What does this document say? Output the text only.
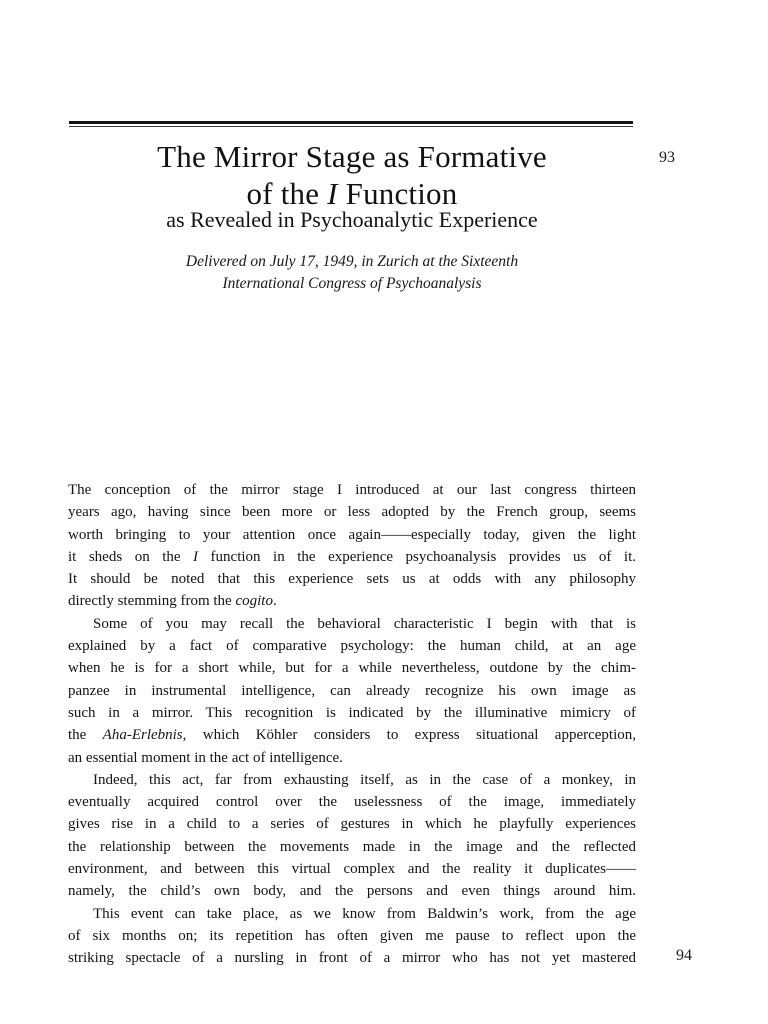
The Mirror Stage as Formative
of the I Function
93
as Revealed in Psychoanalytic Experience
Delivered on July 17, 1949, in Zurich at the Sixteenth
International Congress of Psychoanalysis
The conception of the mirror stage I introduced at our last congress thirteen
years ago, having since been more or less adopted by the French group, seems
worth bringing to your attention once again——especially today, given the light
it sheds on the I function in the experience psychoanalysis provides us of it.
It should be noted that this experience sets us at odds with any philosophy
directly stemming from the cogito.
Some of you may recall the behavioral characteristic I begin with that is
explained by a fact of comparative psychology: the human child, at an age
when he is for a short while, but for a while nevertheless, outdone by the chim-
panzee in instrumental intelligence, can already recognize his own image as
such in a mirror. This recognition is indicated by the illuminative mimicry of
the Aha-Erlebnis, which Köhler considers to express situational apperception,
an essential moment in the act of intelligence.
Indeed, this act, far from exhausting itself, as in the case of a monkey, in
eventually acquired control over the uselessness of the image, immediately
gives rise in a child to a series of gestures in which he playfully experiences
the relationship between the movements made in the image and the reflected
environment, and between this virtual complex and the reality it duplicates——
namely, the child’s own body, and the persons and even things around him.
This event can take place, as we know from Baldwin’s work, from the age
of six months on; its repetition has often given me pause to reflect upon the
striking spectacle of a nursling in front of a mirror who has not yet mastered	94
